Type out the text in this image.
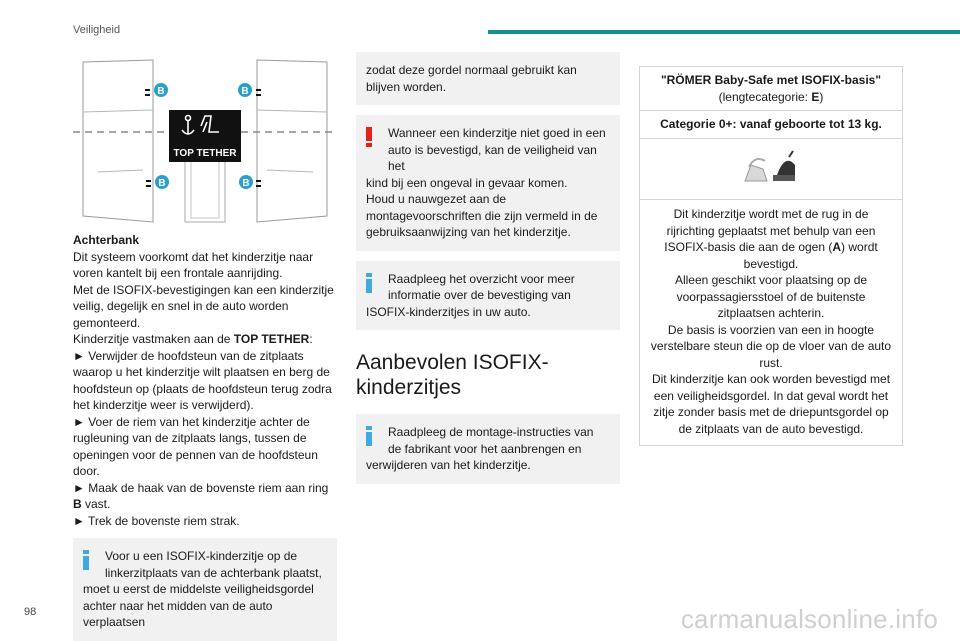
Veiligheid
TOP TETHER
B	B
B	B
Achterbank
Dit systeem voorkomt dat het kinderzitje naar voren kantelt bij een frontale aanrijding.
Met de ISOFIX-bevestigingen kan een kinderzitje veilig, degelijk en snel in de auto worden gemonteerd.
Kinderzitje vastmaken aan de TOP TETHER:
► Verwijder de hoofdsteun van de zitplaats waarop u het kinderzitje wilt plaatsen en berg de hoofdsteun op (plaats de hoofdsteun terug zodra het kinderzitje weer is verwijderd).
► Voer de riem van het kinderzitje achter de rugleuning van de zitplaats langs, tussen de openingen voor de pennen van de hoofdsteun door.
► Maak de haak van de bovenste riem aan ring B vast.
► Trek de bovenste riem strak.
Voor u een ISOFIX-kinderzitje op de linkerzitplaats van de achterbank plaatst,
moet u eerst de middelste veiligheidsgordel achter naar het midden van de auto verplaatsen
zodat deze gordel normaal gebruikt kan blijven worden.
Wanneer een kinderzitje niet goed in een auto is bevestigd, kan de veiligheid van het
kind bij een ongeval in gevaar komen.
Houd u nauwgezet aan de montagevoorschriften die zijn vermeld in de gebruiksaanwijzing van het kinderzitje.
Raadpleeg het overzicht voor meer informatie over de bevestiging van
ISOFIX-kinderzitjes in uw auto.
Aanbevolen ISOFIX-kinderzitjes
Raadpleeg de montage-instructies van de fabrikant voor het aanbrengen en
verwijderen van het kinderzitje.
"RÖMER Baby-Safe met ISOFIX-basis"
(lengtecategorie: E)
Categorie 0+: vanaf geboorte tot 13 kg.

Dit kinderzitje wordt met de rug in de rijrichting geplaatst met behulp van een ISOFIX-basis die aan de ogen (A) wordt bevestigd.
Alleen geschikt voor plaatsing op de voorpassagiersstoel of de buitenste zitplaatsen achterin.
De basis is voorzien van een in hoogte verstelbare steun die op de vloer van de auto rust.
Dit kinderzitje kan ook worden bevestigd met een veiligheidsgordel. In dat geval wordt het zitje zonder basis met de driepuntsgordel op de zitplaats van de auto bevestigd.
98	carmanualsonline.info
